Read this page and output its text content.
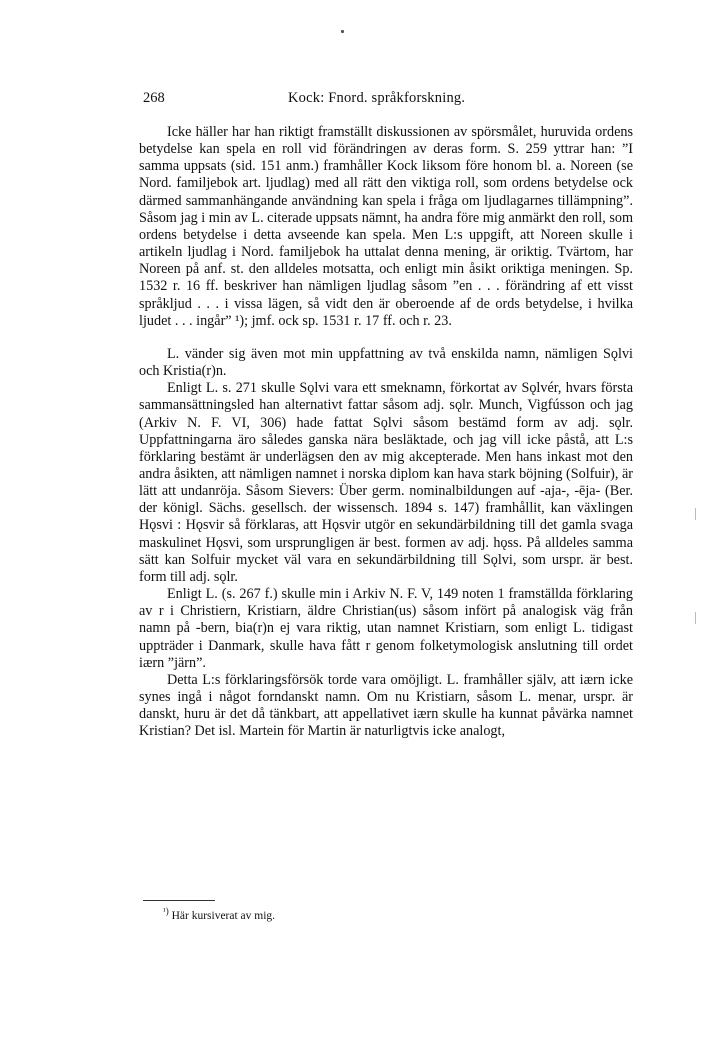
268	Kock: Fnord. språkforskning.

Icke häller har han riktigt framställt diskussionen av spörsmålet, huruvida ordens betydelse kan spela en roll vid förändringen av deras form. S. 259 yttrar han: ”I samma uppsats (sid. 151 anm.) framhåller Kock liksom före honom bl. a. Noreen (se Nord. familjebok art. ljudlag) med all rätt den viktiga roll, som ordens betydelse ock därmed sammanhängande användning kan spela i fråga om ljudlagarnes tillämpning”. Såsom jag i min av L. citerade uppsats nämnt, ha andra före mig anmärkt den roll, som ordens betydelse i detta avseende kan spela. Men L:s uppgift, att Noreen skulle i artikeln ljudlag i Nord. familjebok ha uttalat denna mening, är oriktig. Tvärtom, har Noreen på anf. st. den alldeles motsatta, och enligt min åsikt oriktiga meningen. Sp. 1532 r. 16 ff. beskriver han nämligen ljudlag såsom ”en . . . förändring af ett visst språkljud . . . i vissa lägen, så vidt den är oberoende af de ords betydelse, i hvilka ljudet . . . ingår” ¹); jmf. ock sp. 1531 r. 17 ff. och r. 23.

L. vänder sig även mot min uppfattning av två enskilda namn, nämligen Sǫlvi och Kristia(r)n.

Enligt L. s. 271 skulle Sǫlvi vara ett smeknamn, förkortat av Sǫlvér, hvars första sammansättningsled han alternativt fattar såsom adj. sǫlr. Munch, Vigfússon och jag (Arkiv N. F. VI, 306) hade fattat Sǫlvi såsom bestämd form av adj. sǫlr. Uppfattningarna äro således ganska nära besläktade, och jag vill icke påstå, att L:s förklaring bestämt är underlägsen den av mig akcepterade. Men hans inkast mot den andra åsikten, att nämligen namnet i norska diplom kan hava stark böjning (Solfuir), är lätt att undanröja. Såsom Sievers: Über germ. nominalbildungen auf -aja-, -ēja- (Ber. der königl. Sächs. gesellsch. der wissensch. 1894 s. 147) framhållit, kan växlingen Hǫsvi : Hǫsvir så förklaras, att Hǫsvir utgör en sekundärbildning till det gamla svaga maskulinet Hǫsvi, som ursprungligen är best. formen av adj. hǫss. På alldeles samma sätt kan Solfuir mycket väl vara en sekundärbildning till Sǫlvi, som urspr. är best. form till adj. sǫlr.

Enligt L. (s. 267 f.) skulle min i Arkiv N. F. V, 149 noten 1 framställda förklaring av r i Christiern, Kristiarn, äldre Christian(us) såsom infört på analogisk väg från namn på -bern, bia(r)n ej vara riktig, utan namnet Kristiarn, som enligt L. tidigast uppträder i Danmark, skulle hava fått r genom folketymologisk anslutning till ordet iærn ”järn”.

Detta L:s förklaringsförsök torde vara omöjligt. L. framhåller själv, att iærn icke synes ingå i något forndanskt namn. Om nu Kristiarn, såsom L. menar, urspr. är danskt, huru är det då tänkbart, att appellativet iærn skulle ha kunnat påvärka namnet Kristian? Det isl. Martein för Martin är naturligtvis icke analogt,

$^{^1)}$ Här kursiverat av mig.
